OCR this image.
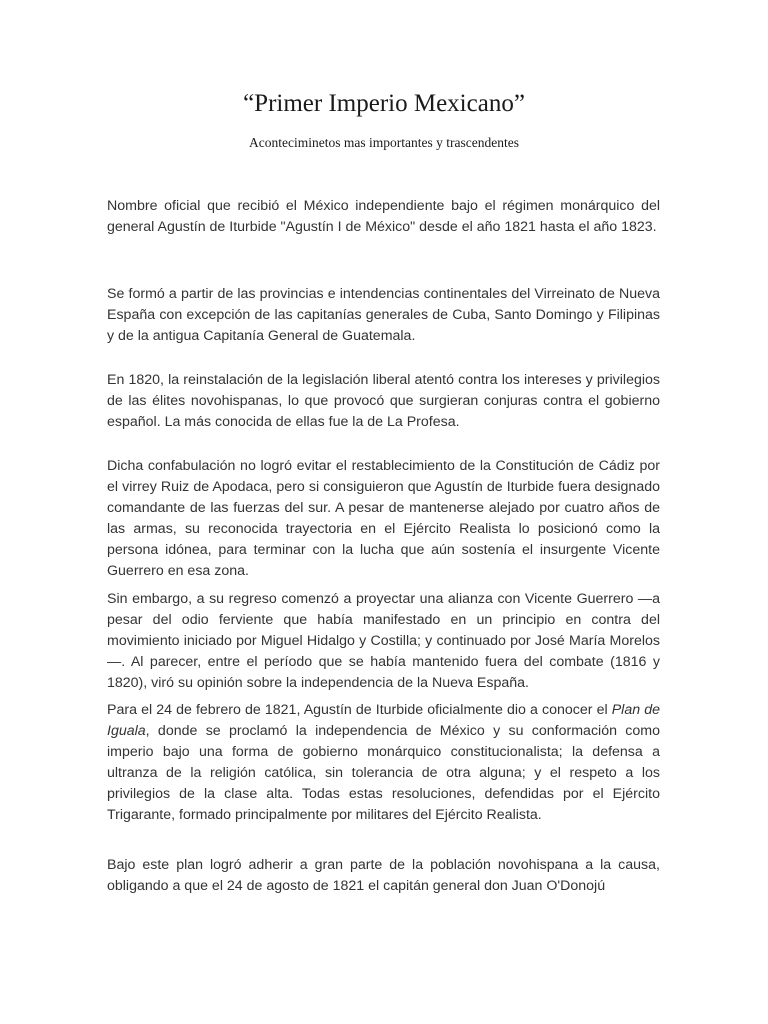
“Primer Imperio Mexicano”
Aconteciminetos mas importantes y trascendentes

Nombre oficial que recibió el México independiente bajo el régimen monárquico del general Agustín de Iturbide "Agustín I de México" desde el año 1821 hasta el año 1823.

Se formó a partir de las provincias e intendencias continentales del Virreinato de Nueva España con excepción de las capitanías generales de Cuba, Santo Domingo y Filipinas y de la antigua Capitanía General de Guatemala.

En 1820, la reinstalación de la legislación liberal atentó contra los intereses y privilegios de las élites novohispanas, lo que provocó que surgieran conjuras contra el gobierno español. La más conocida de ellas fue la de La Profesa.

Dicha confabulación no logró evitar el restablecimiento de la Constitución de Cádiz por el virrey Ruiz de Apodaca, pero si consiguieron que Agustín de Iturbide fuera designado comandante de las fuerzas del sur. A pesar de mantenerse alejado por cuatro años de las armas, su reconocida trayectoria en el Ejército Realista lo posicionó como la persona idónea, para terminar con la lucha que aún sostenía el insurgente Vicente Guerrero en esa zona.

Sin embargo, a su regreso comenzó a proyectar una alianza con Vicente Guerrero —a pesar del odio ferviente que había manifestado en un principio en contra del movimiento iniciado por Miguel Hidalgo y Costilla; y continuado por José María Morelos—. Al parecer, entre el período que se había mantenido fuera del combate (1816 y 1820), viró su opinión sobre la independencia de la Nueva España.

Para el 24 de febrero de 1821, Agustín de Iturbide oficialmente dio a conocer el Plan de Iguala, donde se proclamó la independencia de México y su conformación como imperio bajo una forma de gobierno monárquico constitucionalista; la defensa a ultranza de la religión católica, sin tolerancia de otra alguna; y el respeto a los privilegios de la clase alta. Todas estas resoluciones, defendidas por el Ejército Trigarante, formado principalmente por militares del Ejército Realista.

Bajo este plan logró adherir a gran parte de la población novohispana a la causa, obligando a que el 24 de agosto de 1821 el capitán general don Juan O'Donojú
